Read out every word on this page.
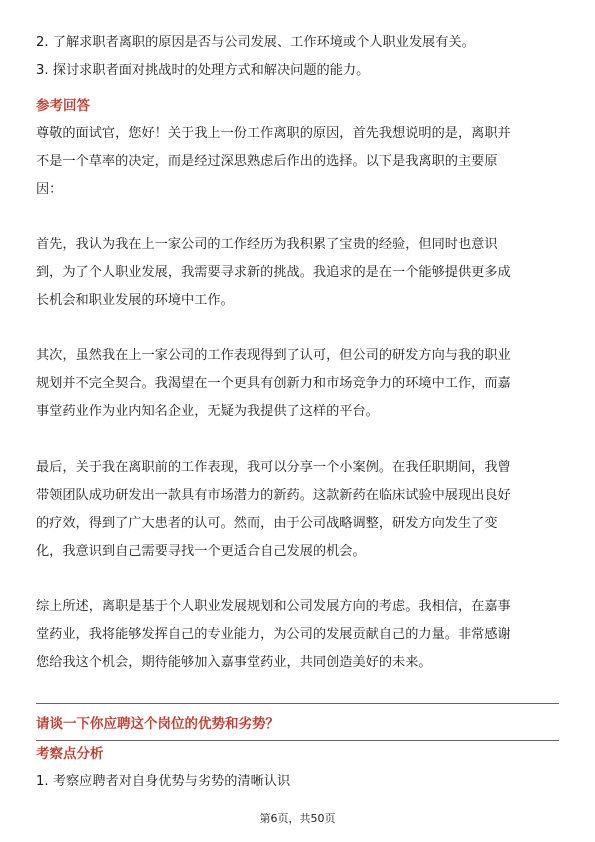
2. 了解求职者离职的原因是否与公司发展、工作环境或个人职业发展有关。
3. 探讨求职者面对挑战时的处理方式和解决问题的能力。
参考回答
尊敬的面试官，您好！关于我上一份工作离职的原因，首先我想说明的是，离职并
不是一个草率的决定，而是经过深思熟虑后作出的选择。以下是我离职的主要原
因：
首先，我认为我在上一家公司的工作经历为我积累了宝贵的经验，但同时也意识
到，为了个人职业发展，我需要寻求新的挑战。我追求的是在一个能够提供更多成
长机会和职业发展的环境中工作。
其次，虽然我在上一家公司的工作表现得到了认可，但公司的研发方向与我的职业
规划并不完全契合。我渴望在一个更具有创新力和市场竞争力的环境中工作，而嘉
事堂药业作为业内知名企业，无疑为我提供了这样的平台。
最后，关于我在离职前的工作表现，我可以分享一个小案例。在我任职期间，我曾
带领团队成功研发出一款具有市场潜力的新药。这款新药在临床试验中展现出良好
的疗效，得到了广大患者的认可。然而，由于公司战略调整，研发方向发生了变
化，我意识到自己需要寻找一个更适合自己发展的机会。
综上所述，离职是基于个人职业发展规划和公司发展方向的考虑。我相信，在嘉事
堂药业，我将能够发挥自己的专业能力，为公司的发展贡献自己的力量。非常感谢
您给我这个机会，期待能够加入嘉事堂药业，共同创造美好的未来。
请谈一下你应聘这个岗位的优势和劣势？
考察点分析
1. 考察应聘者对自身优势与劣势的清晰认识
第6页，共50页
